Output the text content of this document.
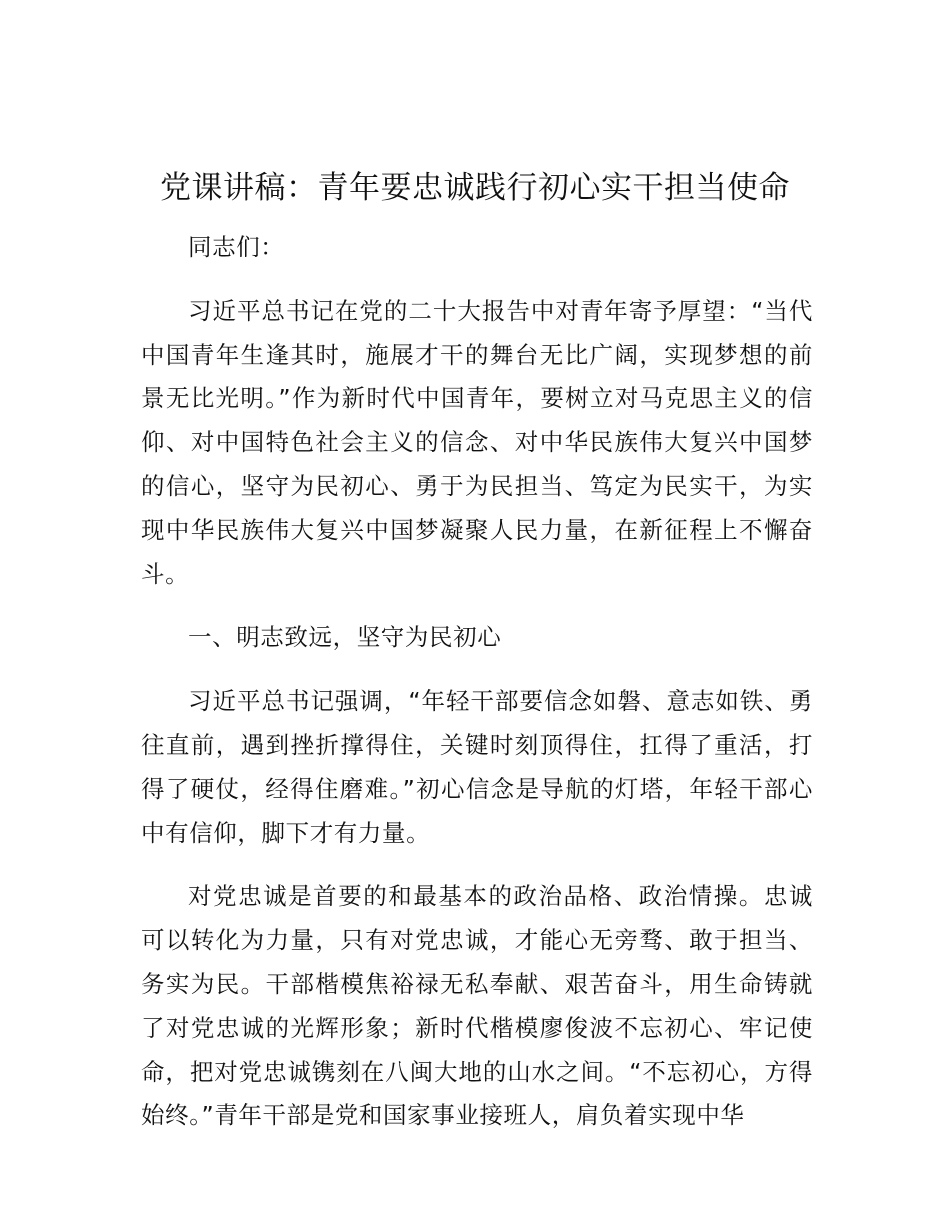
党课讲稿：青年要忠诚践行初心实干担当使命

同志们：

习近平总书记在党的二十大报告中对青年寄予厚望：“当代中国青年生逢其时，施展才干的舞台无比广阔，实现梦想的前景无比光明。”作为新时代中国青年，要树立对马克思主义的信仰、对中国特色社会主义的信念、对中华民族伟大复兴中国梦的信心，坚守为民初心、勇于为民担当、笃定为民实干，为实现中华民族伟大复兴中国梦凝聚人民力量，在新征程上不懈奋斗。

一、明志致远，坚守为民初心

习近平总书记强调，“年轻干部要信念如磐、意志如铁、勇往直前，遇到挫折撑得住，关键时刻顶得住，扛得了重活，打得了硬仗，经得住磨难。”初心信念是导航的灯塔，年轻干部心中有信仰，脚下才有力量。

对党忠诚是首要的和最基本的政治品格、政治情操。忠诚可以转化为力量，只有对党忠诚，才能心无旁骛、敢于担当、务实为民。干部楷模焦裕禄无私奉献、艰苦奋斗，用生命铸就了对党忠诚的光辉形象；新时代楷模廖俊波不忘初心、牢记使命，把对党忠诚镌刻在八闽大地的山水之间。“不忘初心，方得始终。”青年干部是党和国家事业接班人，肩负着实现中华
